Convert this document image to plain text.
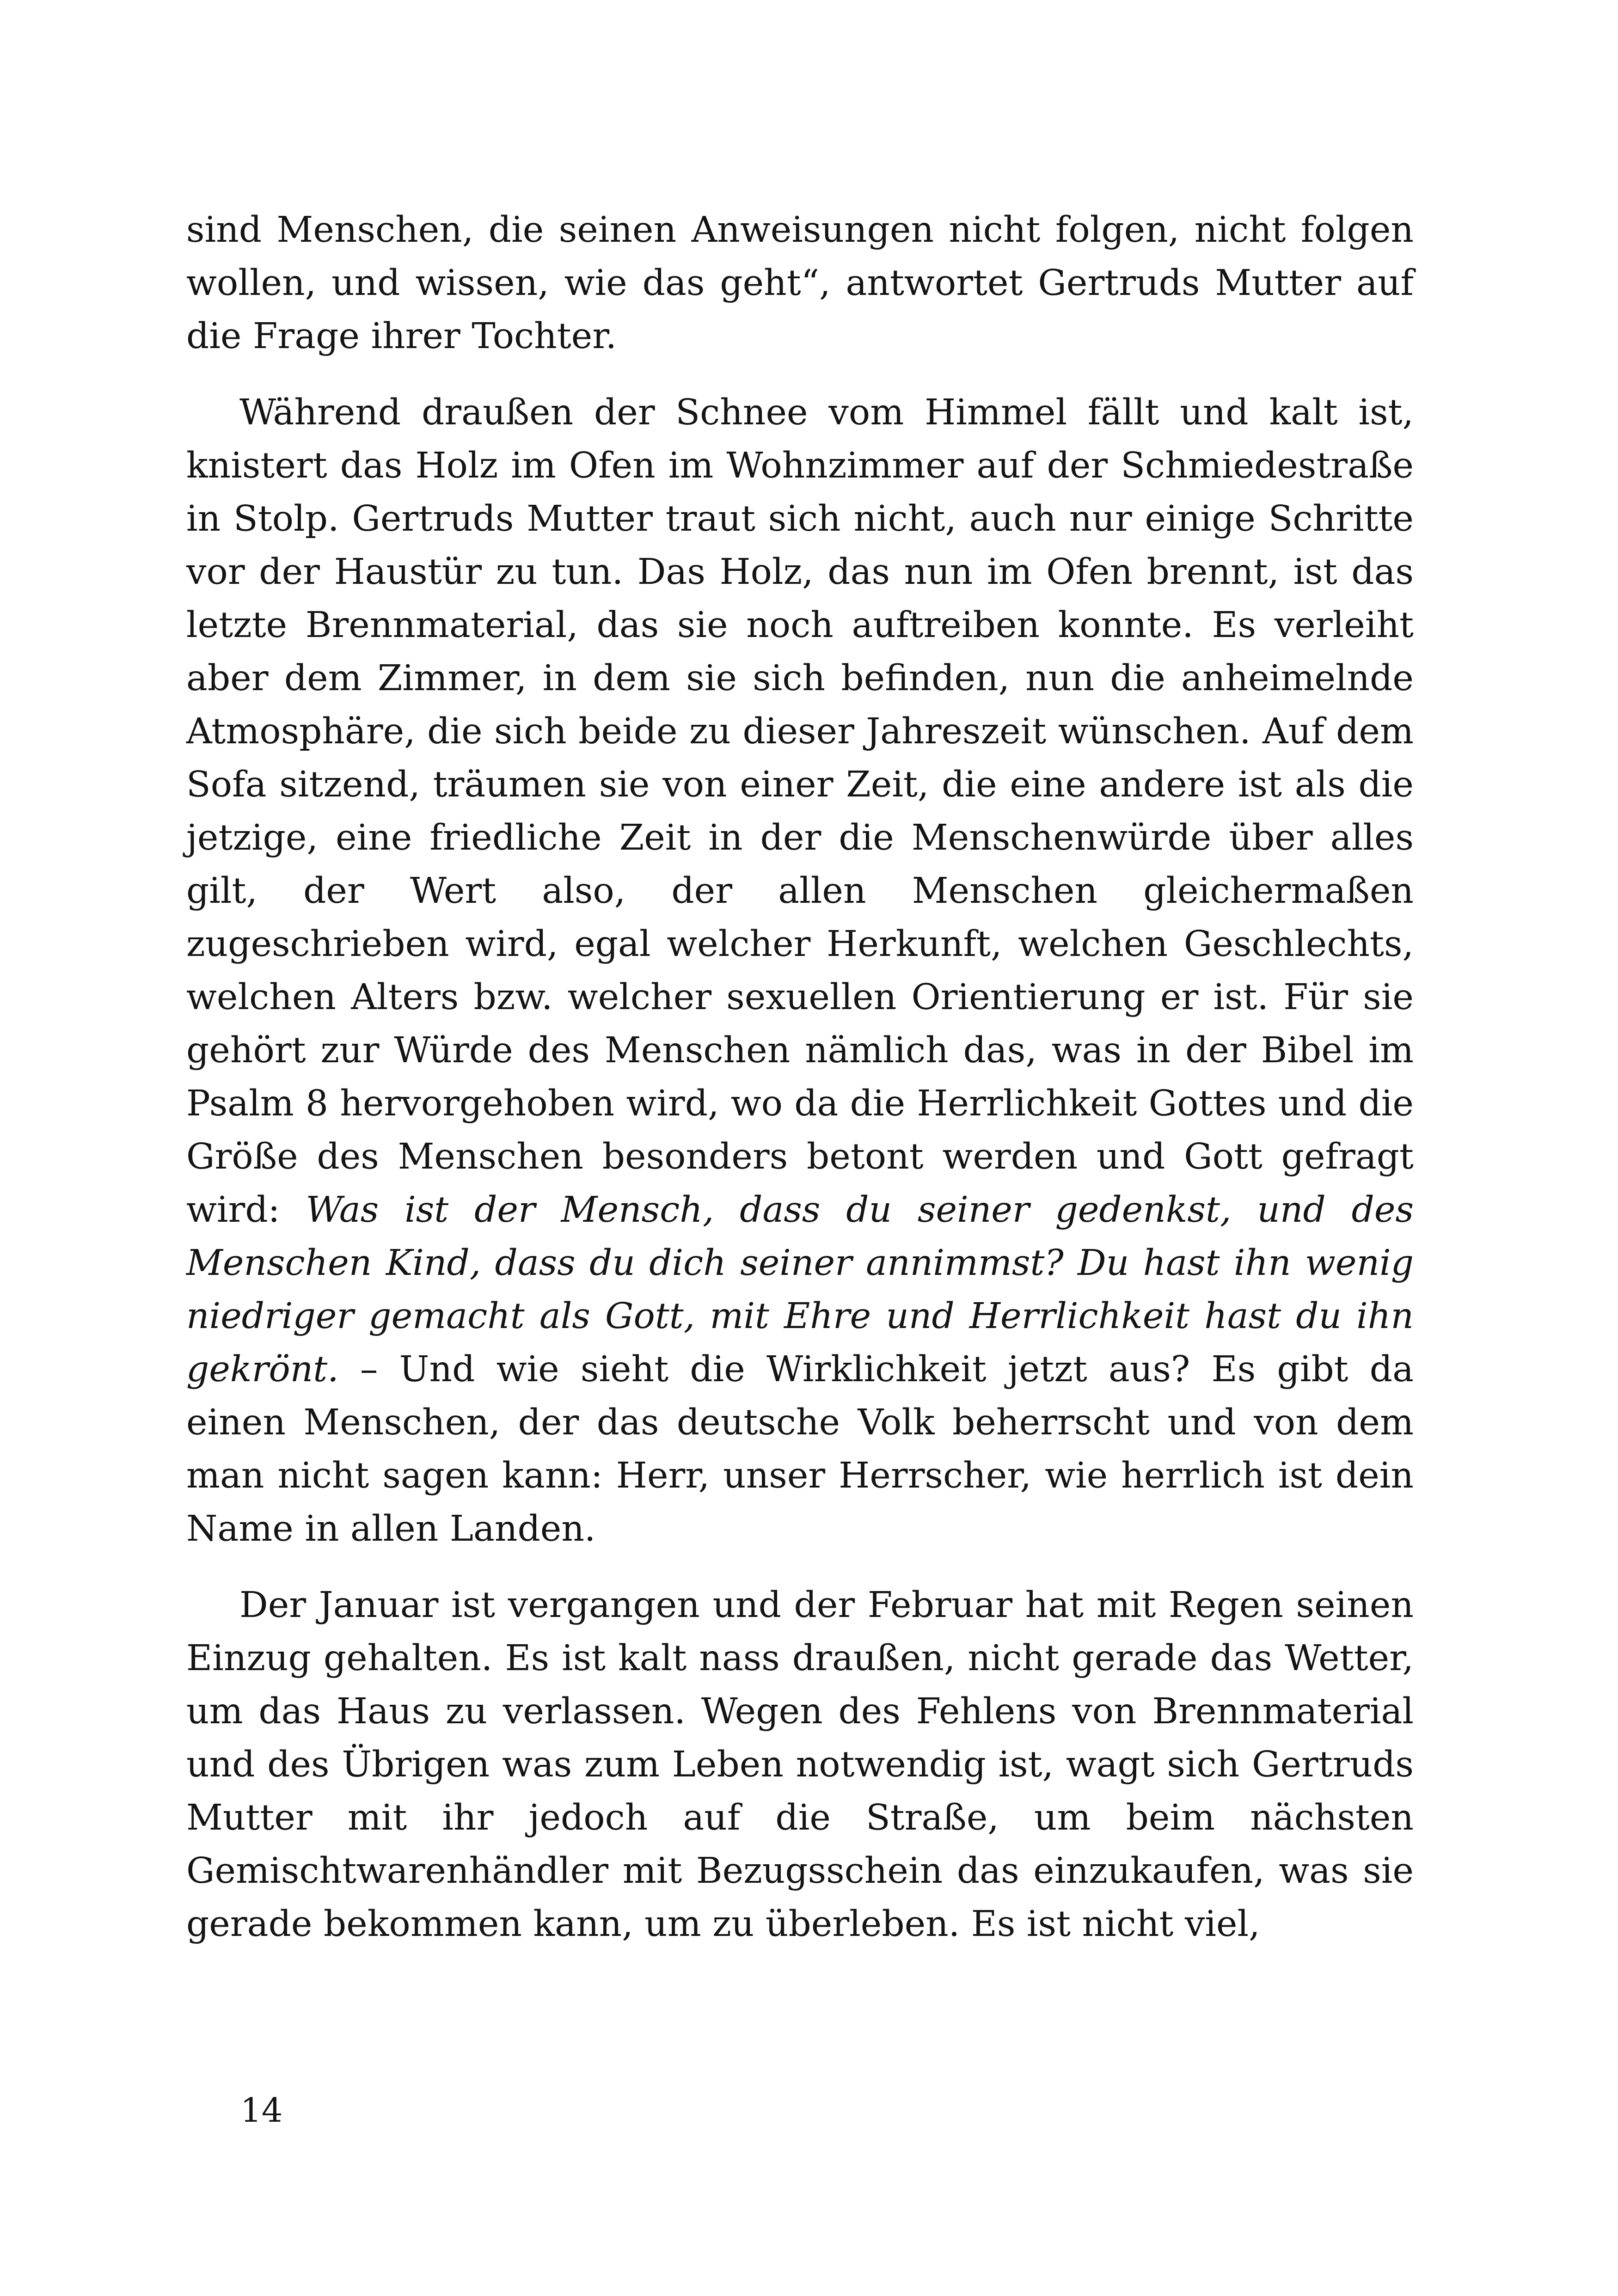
sind Menschen, die seinen Anweisungen nicht folgen, nicht folgen wollen, und wissen, wie das geht“, antwortet Gertruds Mutter auf die Frage ihrer Tochter.

Während draußen der Schnee vom Himmel fällt und kalt ist, knistert das Holz im Ofen im Wohnzimmer auf der Schmiedestraße in Stolp. Gertruds Mutter traut sich nicht, auch nur einige Schritte vor der Haustür zu tun. Das Holz, das nun im Ofen brennt, ist das letzte Brennmaterial, das sie noch auftreiben konnte. Es verleiht aber dem Zimmer, in dem sie sich befinden, nun die anheimelnde Atmosphäre, die sich beide zu dieser Jahreszeit wünschen. Auf dem Sofa sitzend, träumen sie von einer Zeit, die eine andere ist als die jetzige, eine friedliche Zeit in der die Menschenwürde über alles gilt, der Wert also, der allen Menschen gleichermaßen zugeschrieben wird, egal welcher Herkunft, welchen Geschlechts, welchen Alters bzw. welcher sexuellen Orientierung er ist. Für sie gehört zur Würde des Menschen nämlich das, was in der Bibel im Psalm 8 hervorgehoben wird, wo da die Herrlichkeit Gottes und die Größe des Menschen besonders betont werden und Gott gefragt wird: Was ist der Mensch, dass du seiner gedenkst, und des Menschen Kind, dass du dich seiner annimmst? Du hast ihn wenig niedriger gemacht als Gott, mit Ehre und Herrlichkeit hast du ihn gekrönt. – Und wie sieht die Wirklichkeit jetzt aus? Es gibt da einen Menschen, der das deutsche Volk beherrscht und von dem man nicht sagen kann: Herr, unser Herrscher, wie herrlich ist dein Name in allen Landen.

Der Januar ist vergangen und der Februar hat mit Regen seinen Einzug gehalten. Es ist kalt nass draußen, nicht gerade das Wetter, um das Haus zu verlassen. Wegen des Fehlens von Brennmaterial und des Übrigen was zum Leben notwendig ist, wagt sich Gertruds Mutter mit ihr jedoch auf die Straße, um beim nächsten Gemischtwarenhändler mit Bezugsschein das einzukaufen, was sie gerade bekommen kann, um zu überleben. Es ist nicht viel,

14
